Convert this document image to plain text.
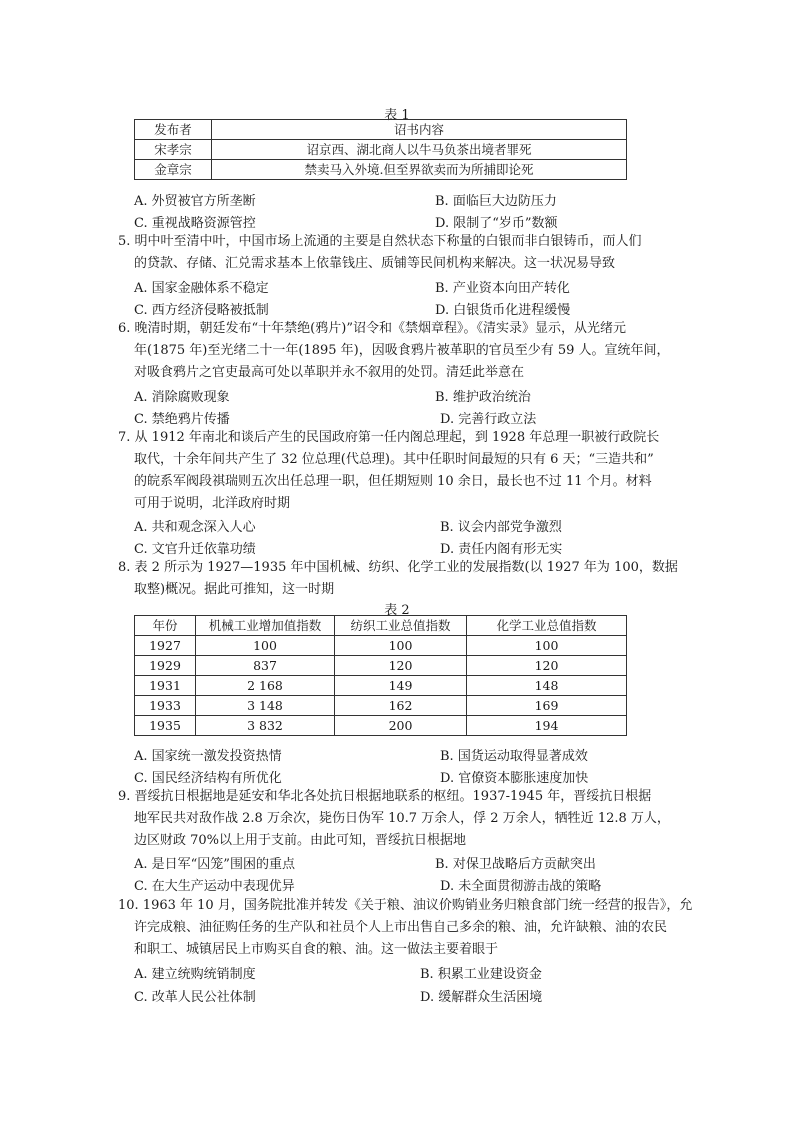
表 1
发布者	诏书内容
宋孝宗	诏京西、湖北商人以牛马负茶出境者罪死
金章宗	禁卖马入外境.但至界欲卖而为所捕即论死
A. 外贸被官方所垄断	B. 面临巨大边防压力
C. 重视战略资源管控	D. 限制了“岁币”数额

5. 明中叶至清中叶，中国市场上流通的主要是自然状态下称量的白银而非白银铸币，而人们

的贷款、存储、汇兑需求基本上依靠钱庄、质铺等民间机构来解决。这一状况易导致

A. 国家金融体系不稳定	B. 产业资本向田产转化
C. 西方经济侵略被抵制	D. 白银货币化进程缓慢

6. 晚清时期，朝廷发布“十年禁绝(鸦片)”诏令和《禁烟章程》。《清实录》显示，从光绪元

年(1875 年)至光绪二十一年(1895 年)，因吸食鸦片被革职的官员至少有 59 人。宣统年间，

对吸食鸦片之官吏最高可处以革职并永不叙用的处罚。清廷此举意在

A. 消除腐败现象	B. 维护政治统治
C. 禁绝鸦片传播	D. 完善行政立法

7. 从 1912 年南北和谈后产生的民国政府第一任内阁总理起，到 1928 年总理一职被行政院长

取代，十余年间共产生了 32 位总理(代总理)。其中任职时间最短的只有 6 天；“三造共和”

的皖系军阀段祺瑞则五次出任总理一职，但任期短则 10 余日，最长也不过 11 个月。材料

可用于说明，北洋政府时期

A. 共和观念深入人心	B. 议会内部党争激烈
C. 文官升迁依靠功绩	D. 责任内阁有形无实

8. 表 2 所示为 1927—1935 年中国机械、纺织、化学工业的发展指数(以 1927 年为 100，数据

取整)概况。据此可推知，这一时期

表 2
年份	机械工业增加值指数	纺织工业总值指数	化学工业总值指数
1927	100	100	100
1929	837	120	120
1931	2 168	149	148
1933	3 148	162	169
1935	3 832	200	194
A. 国家统一激发投资热情	B. 国货运动取得显著成效
C. 国民经济结构有所优化	D. 官僚资本膨胀速度加快

9. 晋绥抗日根据地是延安和华北各处抗日根据地联系的枢纽。1937-1945 年，晋绥抗日根据

地军民共对敌作战 2.8 万余次，毙伤日伪军 10.7 万余人，俘 2 万余人，牺牲近 12.8 万人，

边区财政 70%以上用于支前。由此可知，晋绥抗日根据地

A. 是日军“囚笼”围困的重点	B. 对保卫战略后方贡献突出
C. 在大生产运动中表现优异	D. 未全面贯彻游击战的策略

10. 1963 年 10 月，国务院批准并转发《关于粮、油议价购销业务归粮食部门统一经营的报告》，允

许完成粮、油征购任务的生产队和社员个人上市出售自己多余的粮、油，允许缺粮、油的农民

和职工、城镇居民上市购买自食的粮、油。这一做法主要着眼于

A. 建立统购统销制度	B. 积累工业建设资金
C. 改革人民公社体制	D. 缓解群众生活困境
